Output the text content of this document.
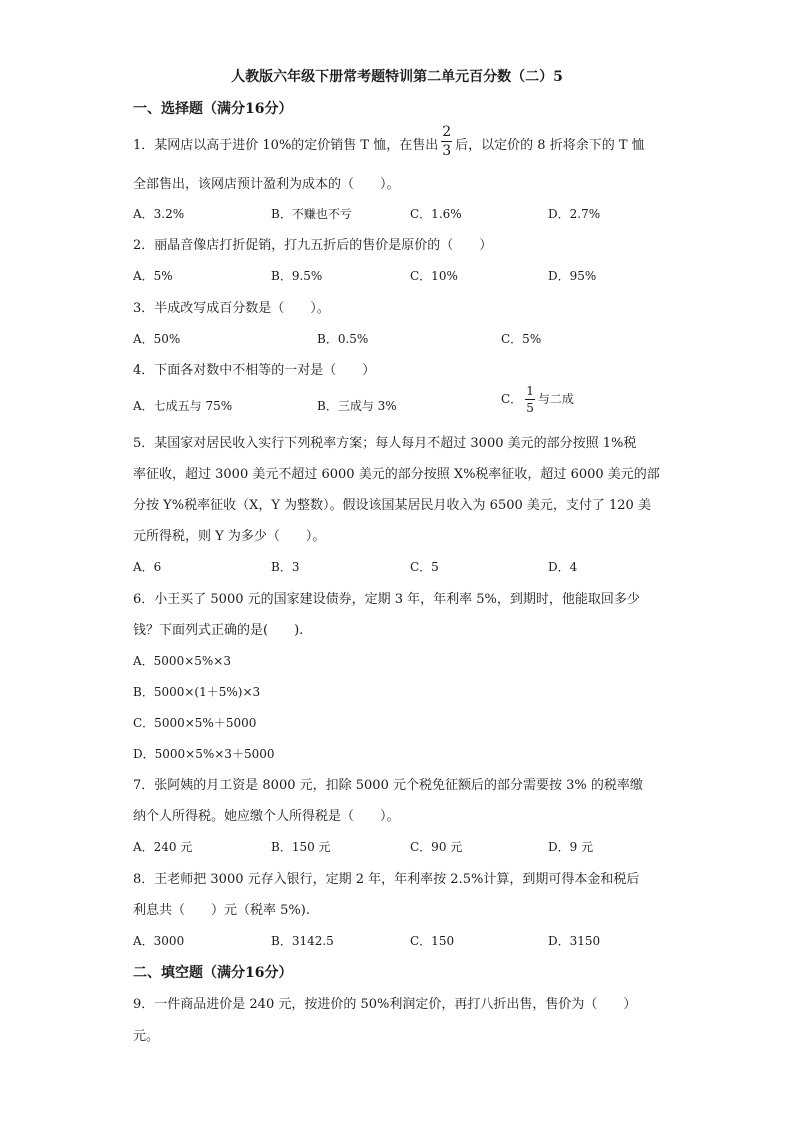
人教版六年级下册常考题特训第二单元百分数（二）5
一、选择题（满分16分）
1．某网店以高于进价 10%的定价销售 T 恤，在售出 $\frac{2}{3}$ 后，以定价的 8 折将余下的 T 恤
全部售出，该网店预计盈利为成本的（　　）。
A．3.2%	B．不赚也不亏	C．1.6%	D．2.7%
2．丽晶音像店打折促销，打九五折后的售价是原价的（　　）
A．5%	B．9.5%	C．10%	D．95%
3．半成改写成百分数是（　　）。
A．50%	B．0.5%	C．5%
4．下面各对数中不相等的一对是（　　）
A．七成五与 75%	B．三成与 3%	C． $\frac{1}{5}$ 与二成
5．某国家对居民收入实行下列税率方案；每人每月不超过 3000 美元的部分按照 1%税
率征收，超过 3000 美元不超过 6000 美元的部分按照 X%税率征收，超过 6000 美元的部
分按 Y%税率征收（X，Y 为整数）。假设该国某居民月收入为 6500 美元，支付了 120 美
元所得税，则 Y 为多少（　　）。
A．6	B．3	C．5	D．4
6．小王买了 5000 元的国家建设债券，定期 3 年，年利率 5%，到期时，他能取回多少
钱？下面列式正确的是(　　).
A．5000×5%×3
B．5000×(1＋5%)×3
C．5000×5%＋5000
D．5000×5%×3＋5000
7．张阿姨的月工资是 8000 元，扣除 5000 元个税免征额后的部分需要按 3% 的税率缴
纳个人所得税。她应缴个人所得税是（　　）。
A．240 元	B．150 元	C．90 元	D．9 元
8．王老师把 3000 元存入银行，定期 2 年，年利率按 2.5%计算，到期可得本金和税后
利息共（　　）元（税率 5%).
A．3000	B．3142.5	C．150	D．3150
二、填空题（满分16分）
9．一件商品进价是 240 元，按进价的 50%利润定价，再打八折出售，售价为（　　）
元。
